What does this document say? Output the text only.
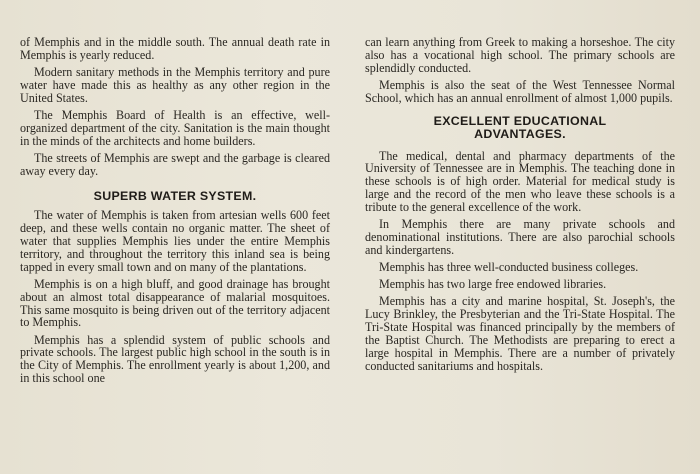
of Memphis and in the middle south. The annual death rate in Memphis is yearly reduced.

Modern sanitary methods in the Memphis territory and pure water have made this as healthy as any other region in the United States.

The Memphis Board of Health is an effective, well-organized department of the city. Sanitation is the main thought in the minds of the architects and home builders.

The streets of Memphis are swept and the garbage is cleared away every day.

SUPERB WATER SYSTEM.

The water of Memphis is taken from artesian wells 600 feet deep, and these wells contain no organic matter. The sheet of water that supplies Memphis lies under the entire Memphis territory, and throughout the territory this inland sea is being tapped in every small town and on many of the plantations.

Memphis is on a high bluff, and good drainage has brought about an almost total disappearance of malarial mosquitoes. This same mosquito is being driven out of the territory adjacent to Memphis.

Memphis has a splendid system of public schools and private schools. The largest public high school in the south is in the City of Memphis. The enrollment yearly is about 1,200, and in this school one

can learn anything from Greek to making a horseshoe. The city also has a vocational high school. The primary schools are splendidly conducted.

Memphis is also the seat of the West Tennessee Normal School, which has an annual enrollment of almost 1,000 pupils.

EXCELLENT EDUCATIONAL
ADVANTAGES.

The medical, dental and pharmacy departments of the University of Tennessee are in Memphis. The teaching done in these schools is of high order. Material for medical study is large and the record of the men who leave these schools is a tribute to the general excellence of the work.

In Memphis there are many private schools and denominational institutions. There are also parochial schools and kindergartens.

Memphis has three well-conducted business colleges.

Memphis has two large free endowed libraries.

Memphis has a city and marine hospital, St. Joseph's, the Lucy Brinkley, the Presbyterian and the Tri-State Hospital. The Tri-State Hospital was financed principally by the members of the Baptist Church. The Methodists are preparing to erect a large hospital in Memphis. There are a number of privately conducted sanitariums and hospitals.
